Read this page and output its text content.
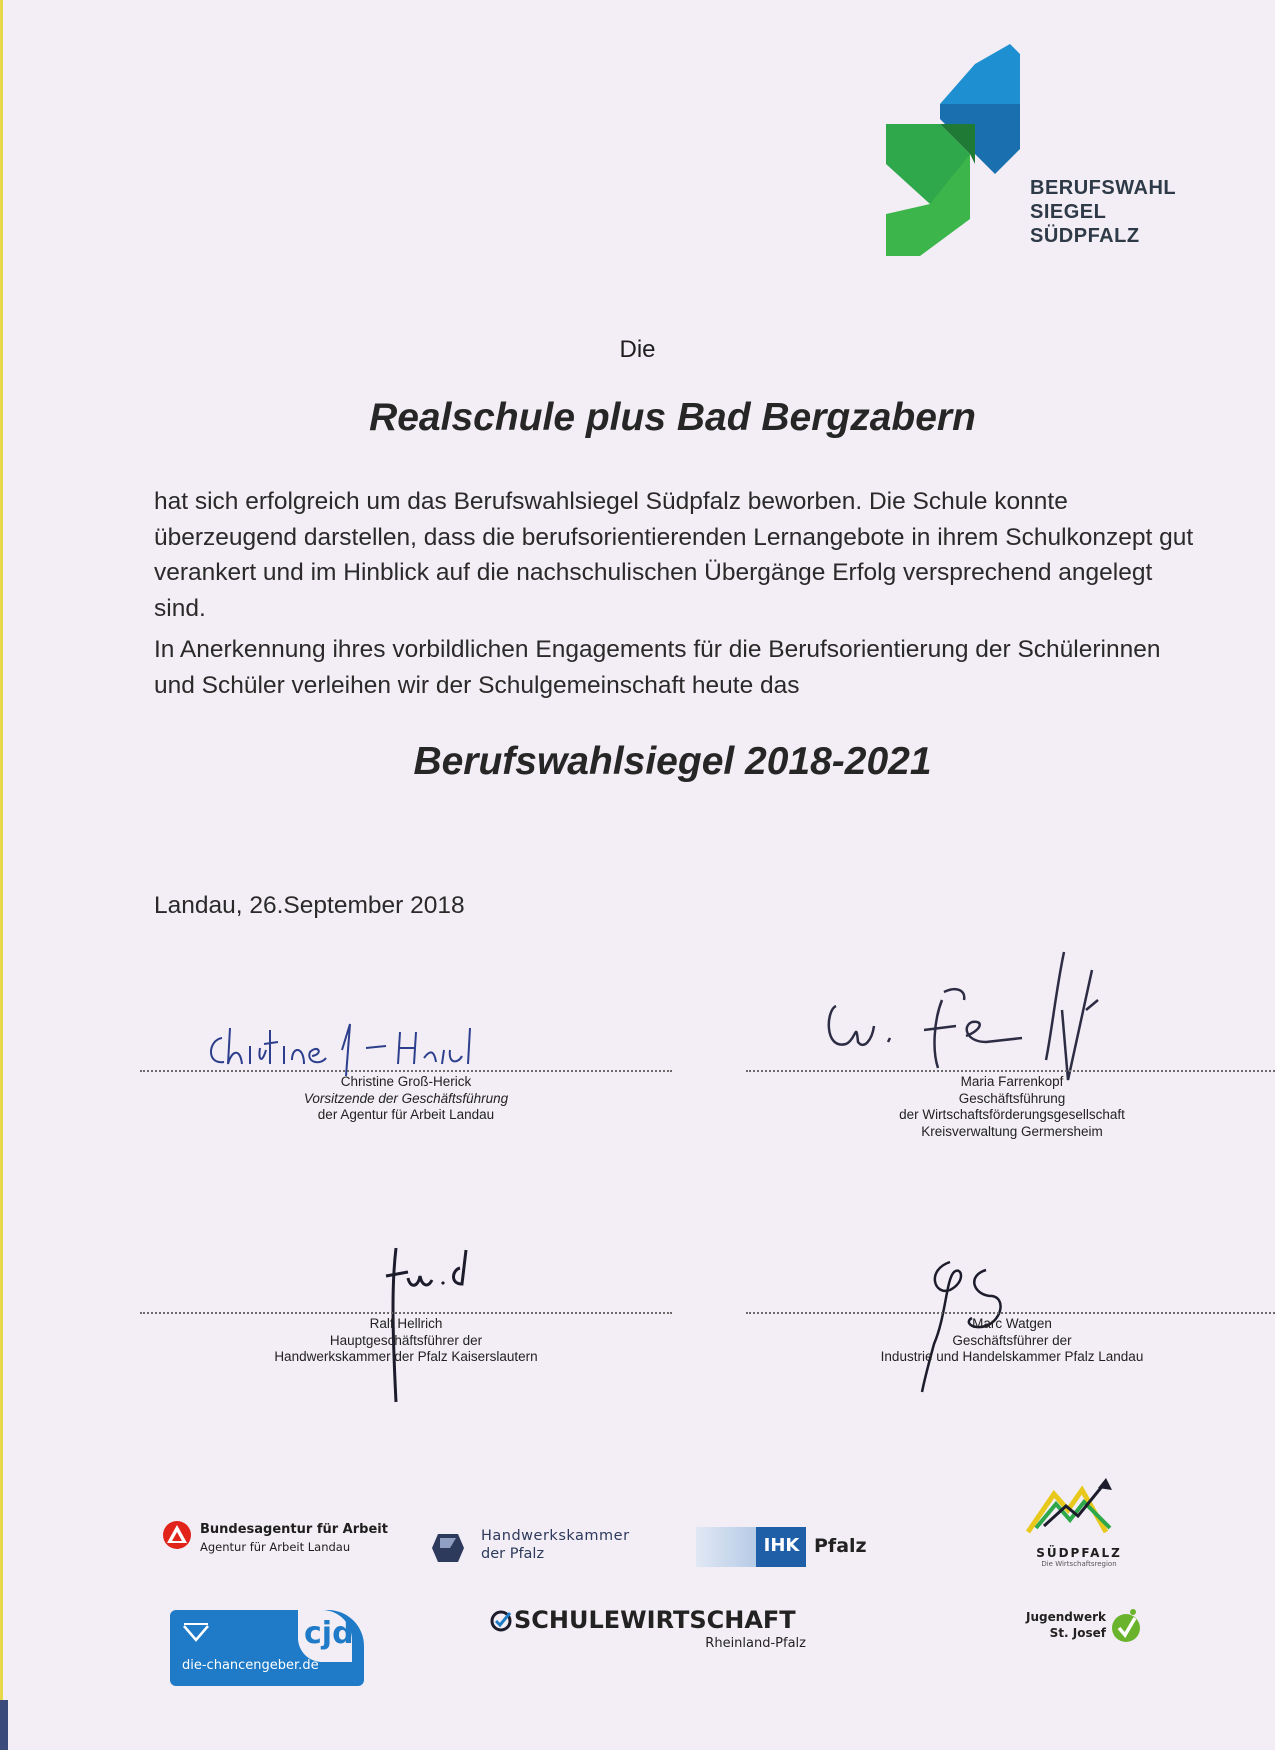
BERUFSWAHL
SIEGEL
SÜDPFALZ
Die
Realschule plus Bad Bergzabern

hat sich erfolgreich um das Berufswahlsiegel Südpfalz beworben. Die Schule konnte überzeugend darstellen, dass die berufsorientierenden Lernangebote in ihrem Schulkonzept gut verankert und im Hinblick auf die nachschulischen Übergänge Erfolg versprechend angelegt sind.

In Anerkennung ihres vorbildlichen Engagements für die Berufsorientierung der Schülerinnen und Schüler verleihen wir der Schulgemeinschaft heute das

Berufswahlsiegel 2018-2021
Landau, 26.September 2018
Christine Groß-Herick
Vorsitzende der Geschäftsführung
der Agentur für Arbeit Landau
Maria Farrenkopf
Geschäftsführung
der Wirtschaftsförderungsgesellschaft
Kreisverwaltung Germersheim
Ralf Hellrich
Hauptgeschäftsführer der
Handwerkskammer der Pfalz Kaiserslautern
Marc Watgen
Geschäftsführer der
Industrie und Handelskammer Pfalz Landau
Bundesagentur für Arbeit
Agentur für Arbeit Landau
Handwerkskammer
der Pfalz	IHK Pfalz	SÜDPFALZ
Die Wirtschaftsregion
cjd
die-chancengeber.de
SCHULEWIRTSCHAFT
Rheinland-Pfalz
Jugendwerk
St. Josef
